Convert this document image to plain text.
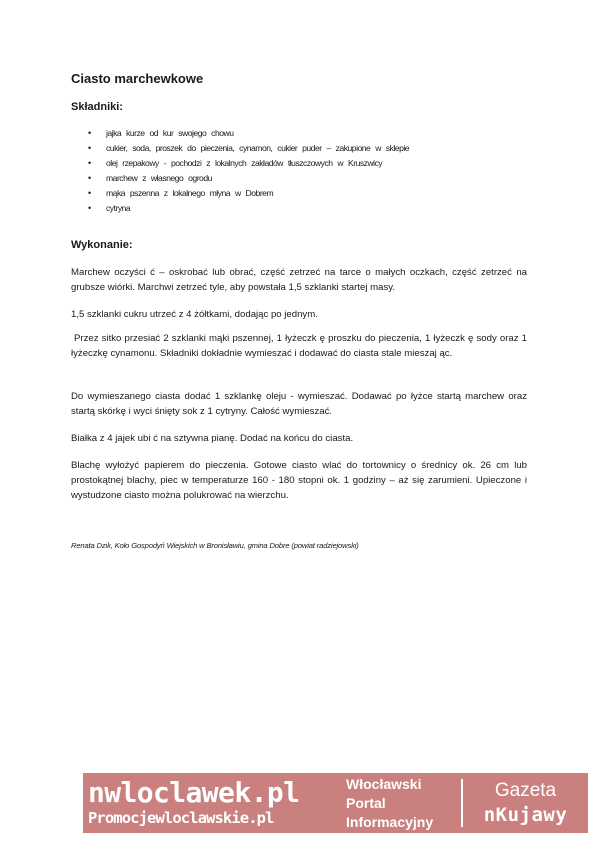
Ciasto marchewkowe
Składniki:
• jajka kurze od kur swojego chowu
• cukier, soda, proszek do pieczenia, cynamon, cukier puder – zakupione w sklepie
• olej rzepakowy - pochodzi z lokalnych zakładów tłuszczowych w Kruszwicy
• marchew z własnego ogrodu
• mąka pszenna z lokalnego młyna w Dobrem
• cytryna
Wykonanie:

Marchew oczyści ć – oskrobać lub obrać, część zetrzeć na tarce o małych oczkach, część zetrzeć na grubsze wiórki. Marchwi zetrzeć tyle, aby powstała 1,5 szklanki startej masy.

1,5 szklanki cukru utrzeć z 4 żółtkami, dodając po jednym.

Przez sitko przesiać 2 szklanki mąki pszennej, 1 łyżeczk ę proszku do pieczenia, 1 łyżeczk ę sody oraz 1 łyżeczkę cynamonu. Składniki dokładnie wymieszać i dodawać do ciasta stale mieszaj ąc.

Do wymieszanego ciasta dodać 1 szklankę oleju - wymieszać. Dodawać po łyżce startą marchew oraz startą skórkę i wyci śnięty sok z 1 cytryny. Całość wymieszać.

Białka z 4 jajek ubi ć na sztywna pianę. Dodać na końcu do ciasta.

Blachę wyłożyć papierem do pieczenia. Gotowe ciasto wlać do tortownicy o średnicy ok. 26 cm lub prostokątnej blachy, piec w temperaturze 160 - 180 stopni ok. 1 godziny – aż się zarumieni. Upieczone i wystudzone ciasto można polukrować na wierzchu.

Renata Dzik, Koło Gospodyń Wiejskich w Bronisławiu, gmina Dobre (powiat radziejowski)

nwloclawek.pl
Promocjewloclawskie.pl
Włocławski
Portal
Informacyjny
Gazeta
nKujawy
